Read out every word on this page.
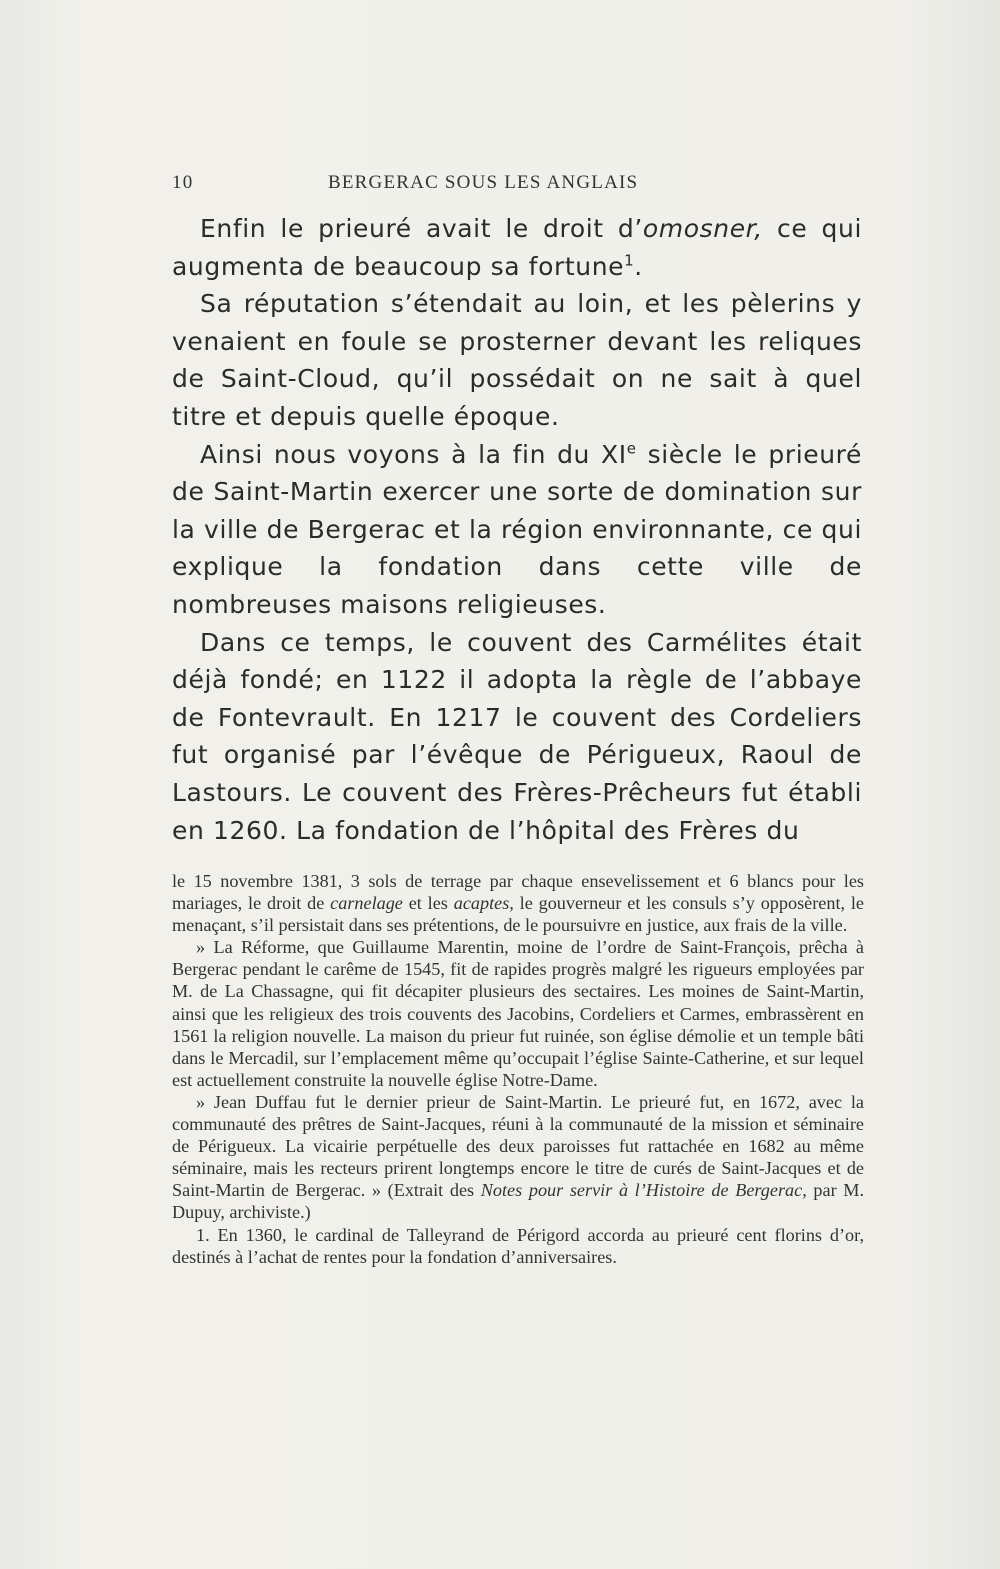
10	BERGERAC SOUS LES ANGLAIS

Enfin le prieuré avait le droit d’omosner, ce qui augmenta de beaucoup sa fortune$^1$.

Sa réputation s’étendait au loin, et les pèlerins y venaient en foule se prosterner devant les reliques de Saint-Cloud, qu’il possédait on ne sait à quel titre et depuis quelle époque.

Ainsi nous voyons à la fin du XIe siècle le prieuré de Saint-Martin exercer une sorte de domination sur la ville de Bergerac et la région environnante, ce qui explique la fondation dans cette ville de nombreuses maisons religieuses.

Dans ce temps, le couvent des Carmélites était déjà fondé; en 1122 il adopta la règle de l’abbaye de Fontevrault. En 1217 le couvent des Cordeliers fut organisé par l’évêque de Périgueux, Raoul de Lastours. Le couvent des Frères-Prêcheurs fut établi en 1260. La fondation de l’hôpital des Frères du

le 15 novembre 1381, 3 sols de terrage par chaque ensevelissement et 6 blancs pour les mariages, le droit de carnelage et les acaptes, le gouverneur et les consuls s’y opposèrent, le menaçant, s’il persistait dans ses prétentions, de le poursuivre en justice, aux frais de la ville.

» La Réforme, que Guillaume Marentin, moine de l’ordre de Saint-François, prêcha à Bergerac pendant le carême de 1545, fit de rapides progrès malgré les rigueurs employées par M. de La Chassagne, qui fit décapiter plusieurs des sectaires. Les moines de Saint-Martin, ainsi que les religieux des trois couvents des Jacobins, Cordeliers et Carmes, embrassèrent en 1561 la religion nouvelle. La maison du prieur fut ruinée, son église démolie et un temple bâti dans le Mercadil, sur l’emplacement même qu’occupait l’église Sainte-Catherine, et sur lequel est actuellement construite la nouvelle église Notre-Dame.

» Jean Duffau fut le dernier prieur de Saint-Martin. Le prieuré fut, en 1672, avec la communauté des prêtres de Saint-Jacques, réuni à la communauté de la mission et séminaire de Périgueux. La vicairie perpétuelle des deux paroisses fut rattachée en 1682 au même séminaire, mais les recteurs prirent longtemps encore le titre de curés de Saint-Jacques et de Saint-Martin de Bergerac. » (Extrait des Notes pour servir à l’Histoire de Bergerac, par M. Dupuy, archiviste.)

1. En 1360, le cardinal de Talleyrand de Périgord accorda au prieuré cent florins d’or, destinés à l’achat de rentes pour la fondation d’anniversaires.
